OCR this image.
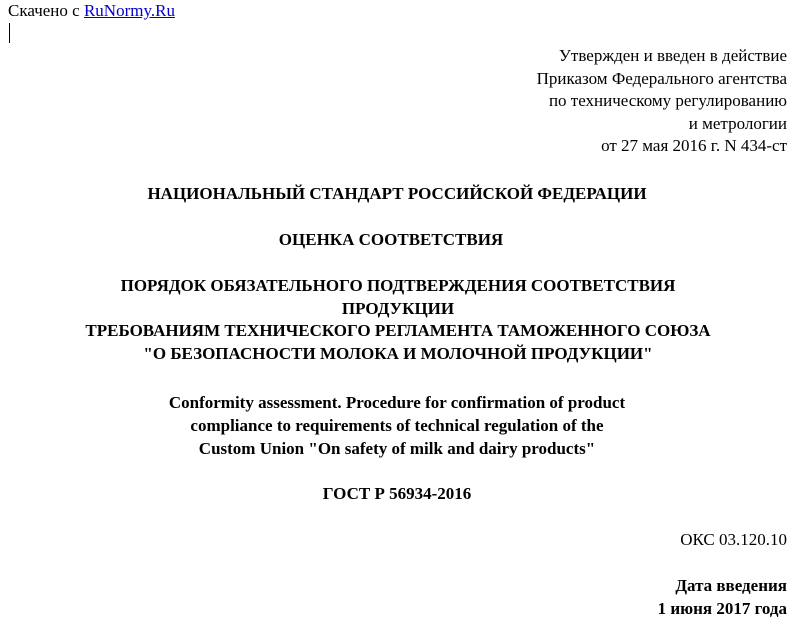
Скачено с RuNormy.Ru
Утвержден и введен в действие
Приказом Федерального агентства
по техническому регулированию
и метрологии
от 27 мая 2016 г. N 434-ст
НАЦИОНАЛЬНЫЙ СТАНДАРТ РОССИЙСКОЙ ФЕДЕРАЦИИ
ОЦЕНКА СООТВЕТСТВИЯ
ПОРЯДОК ОБЯЗАТЕЛЬНОГО ПОДТВЕРЖДЕНИЯ СООТВЕТСТВИЯ
ПРОДУКЦИИ
ТРЕБОВАНИЯМ ТЕХНИЧЕСКОГО РЕГЛАМЕНТА ТАМОЖЕННОГО СОЮЗА
"О БЕЗОПАСНОСТИ МОЛОКА И МОЛОЧНОЙ ПРОДУКЦИИ"
Conformity assessment. Procedure for confirmation of product
compliance to requirements of technical regulation of the
Custom Union "On safety of milk and dairy products"
ГОСТ Р 56934-2016
ОКС 03.120.10
Дата введения
1 июня 2017 года
